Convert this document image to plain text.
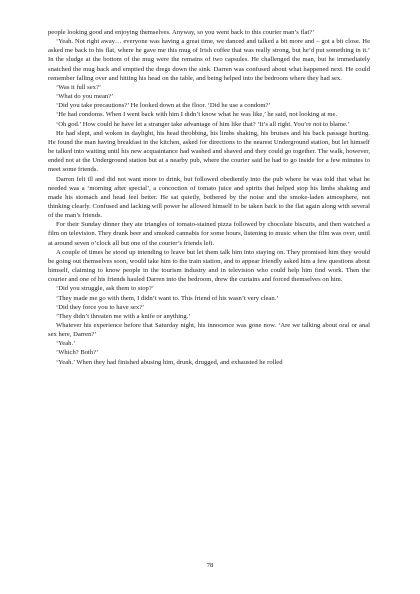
people looking good and enjoying themselves. Anyway, so you went back to this courier man’s flat?’

‘Yeah. Not right away… everyone was having a great time, we danced and talked a bit more and – got a bit close. He asked me back to his flat, where he gave me this mug of Irish coffee that was really strong, but he’d put something in it.’ In the sludge at the bottom of the mug were the remains of two capsules. He challenged the man, but he immediately snatched the mug back and emptied the dregs down the sink. Darren was confused about what happened next. He could remember falling over and hitting his head on the table, and being helped into the bedroom where they had sex.

‘Was it full sex?’

‘What do you mean?’

‘Did you take precautions?’ He looked down at the floor. ‘Did he use a condom?’

‘He had condoms. When I went back with him I didn’t know what he was like,’ he said, not looking at me.

‘Oh god.’ How could he have let a stranger take advantage of him like that? ‘It’s all right. You’re not to blame.’

He had slept, and woken in daylight, his head throbbing, his limbs shaking, his bruises and his back passage hurting. He found the man having breakfast in the kitchen, asked for directions to the nearest Underground station, but let himself be talked into waiting until his new acquaintance had washed and shaved and they could go together. The walk, however, ended not at the Underground station but at a nearby pub, where the courier said he had to go inside for a few minutes to meet some friends.

Darren felt ill and did not want more to drink, but followed obediently into the pub where he was told that what he needed was a ‘morning after special’, a concoction of tomato juice and spirits that helped stop his limbs shaking and made his stomach and head feel better. He sat quietly, bothered by the noise and the smoke-laden atmosphere, not thinking clearly. Confused and lacking will power he allowed himself to be taken back to the flat again along with several of the man’s friends.

For their Sunday dinner they ate triangles of tomato-stained pizza followed by chocolate biscuits, and then watched a film on television. They drank beer and smoked cannabis for some hours, listening to music when the film was over, until at around seven o’clock all but one of the courier’s friends left.

A couple of times he stood up intending to leave but let them talk him into staying on. They promised him they would be going out themselves soon, would take him to the train station, and to appear friendly asked him a few questions about himself, claiming to know people in the tourism industry and in television who could help him find work. Then the courier and one of his friends hauled Darren into the bedroom, drew the curtains and forced themselves on him.

‘Did you struggle, ask them to stop?’

‘They made me go with them, I didn’t want to. This friend of his wasn’t very clean.’

‘Did they force you to have sex?’

‘They didn’t threaten me with a knife or anything.’

Whatever his experience before that Saturday night, his innocence was gone now. ‘Are we talking about oral or anal sex here, Darren?’

‘Yeah.’

‘Which? Both?’

‘Yeah.’ When they had finished abusing him, drunk, drugged, and exhausted he rolled

78
